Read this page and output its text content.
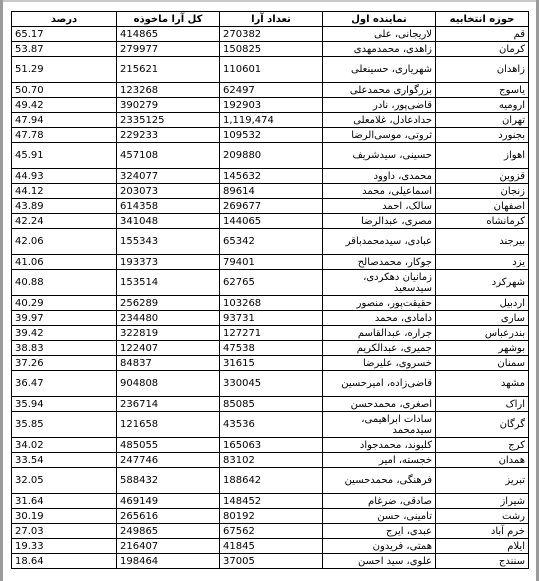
حوزه انتخابیه	نماینده اول	تعداد آرا	کل آرا ماخوذه	درصد
قم	لاریجانی، علی	270382	414865	65.17
کرمان	زاهدی، محمدمهدی	150825	279977	53.87
زاهدان	شهریاری، حسینعلی	110601	215621	51.29
یاسوج	بزرگواری محمدعلی	62497	123268	50.70
ارومیه	قاضی‌پور، نادر	192903	390279	49.42
تهران	حدادعادل، غلامعلی	1,119,474	2335125	47.94
بجنورد	ثروتی، موسی‌الرضا	109532	229233	47.78
اهواز	حسینی، سیدشریف	209880	457108	45.91
قزوین	محمدی، داوود	145632	324077	44.93
زنجان	اسماعیلی، محمد	89614	203073	44.12
اصفهان	سالک، احمد	269677	614358	43.89
کرمانشاه	مصری، عبدالرضا	144065	341048	42.24
بیرجند	عبادی، سیدمحمدباقر	65342	155343	42.06
یزد	جوکار، محمدصالح	79401	193373	41.06
شهرکرد	زمانیان دهکردی، سیدسعید	62765	153514	40.88
اردبیل	حقیقت‌پور، منصور	103268	256289	40.29
ساری	دامادی، محمد	93731	234480	39.97
بندرعباس	جراره، عبدالقاسم	127271	322819	39.42
بوشهر	جمیری، عبدالکریم	47538	122407	38.83
سمنان	خسروی، علیرضا	31615	84837	37.26
مشهد	قاضی‌زاده، امیرحسین	330045	904808	36.47
اراک	اصغری، محمدحسن	85085	236714	35.94
گرگان	سادات ابراهیمی، سیدمحمد	43536	121658	35.85
کرج	کلبوند، محمدجواد	165063	485055	34.02
همدان	خجسته، امیر	83102	247746	33.54
تبریز	فرهنگی، محمدحسین	188642	588432	32.05
شیراز	صادقی، ضرغام	148452	469149	31.64
رشت	تامینی، حسن	80192	265616	30.19
خرم آباد	عبدی، ایرج	67562	249865	27.03
ایلام	همتی، فریدون	41845	216407	19.33
سنندج	علوی، سید احسن	37005	198464	18.64
